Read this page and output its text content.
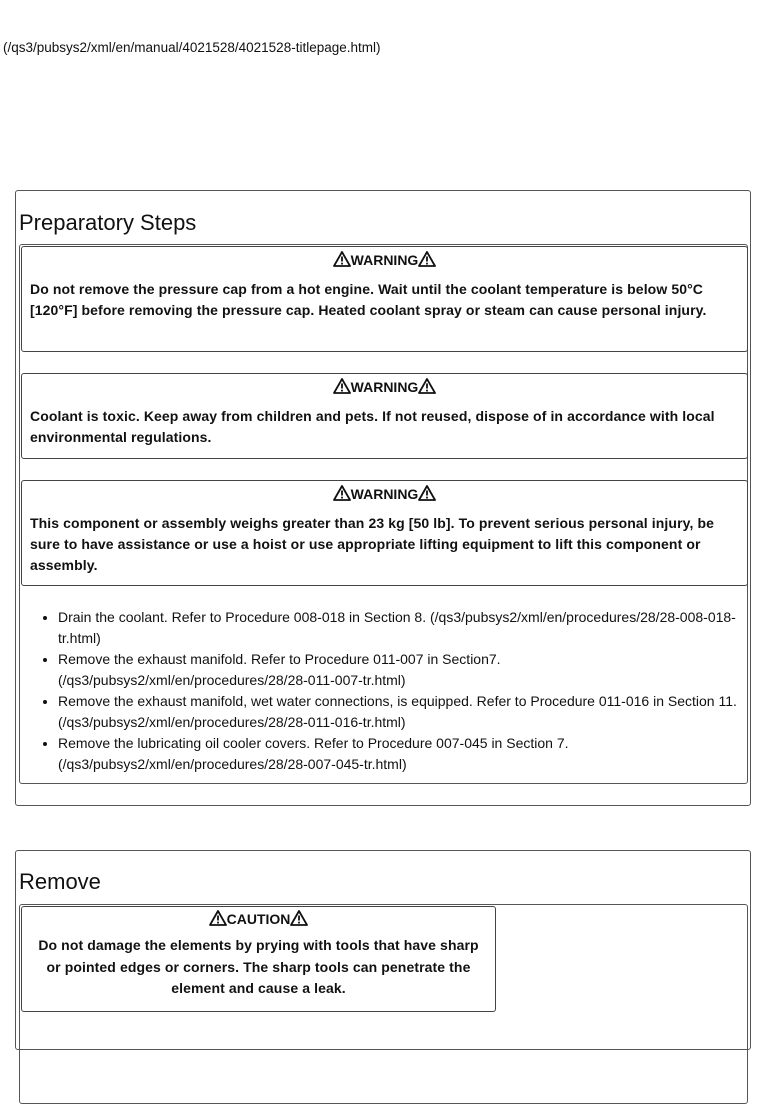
(/qs3/pubsys2/xml/en/manual/4021528/4021528-titlepage.html)
Preparatory Steps
WARNING
Do not remove the pressure cap from a hot engine. Wait until the coolant temperature is below 50°C [120°F] before removing the pressure cap. Heated coolant spray or steam can cause personal injury.
WARNING
Coolant is toxic. Keep away from children and pets. If not reused, dispose of in accordance with local environmental regulations.
WARNING
This component or assembly weighs greater than 23 kg [50 lb]. To prevent serious personal injury, be sure to have assistance or use a hoist or use appropriate lifting equipment to lift this component or assembly.
• Drain the coolant. Refer to Procedure 008-018 in Section 8. (/qs3/pubsys2/xml/en/procedures/28/28-008-018-tr.html)
• Remove the exhaust manifold. Refer to Procedure 011-007 in Section7. (/qs3/pubsys2/xml/en/procedures/28/28-011-007-tr.html)
• Remove the exhaust manifold, wet water connections, is equipped. Refer to Procedure 011-016 in Section 11. (/qs3/pubsys2/xml/en/procedures/28/28-011-016-tr.html)
• Remove the lubricating oil cooler covers. Refer to Procedure 007-045 in Section 7. (/qs3/pubsys2/xml/en/procedures/28/28-007-045-tr.html)
Remove
CAUTION
Do not damage the elements by prying with tools that have sharp or pointed edges or corners. The sharp tools can penetrate the element and cause a leak.
